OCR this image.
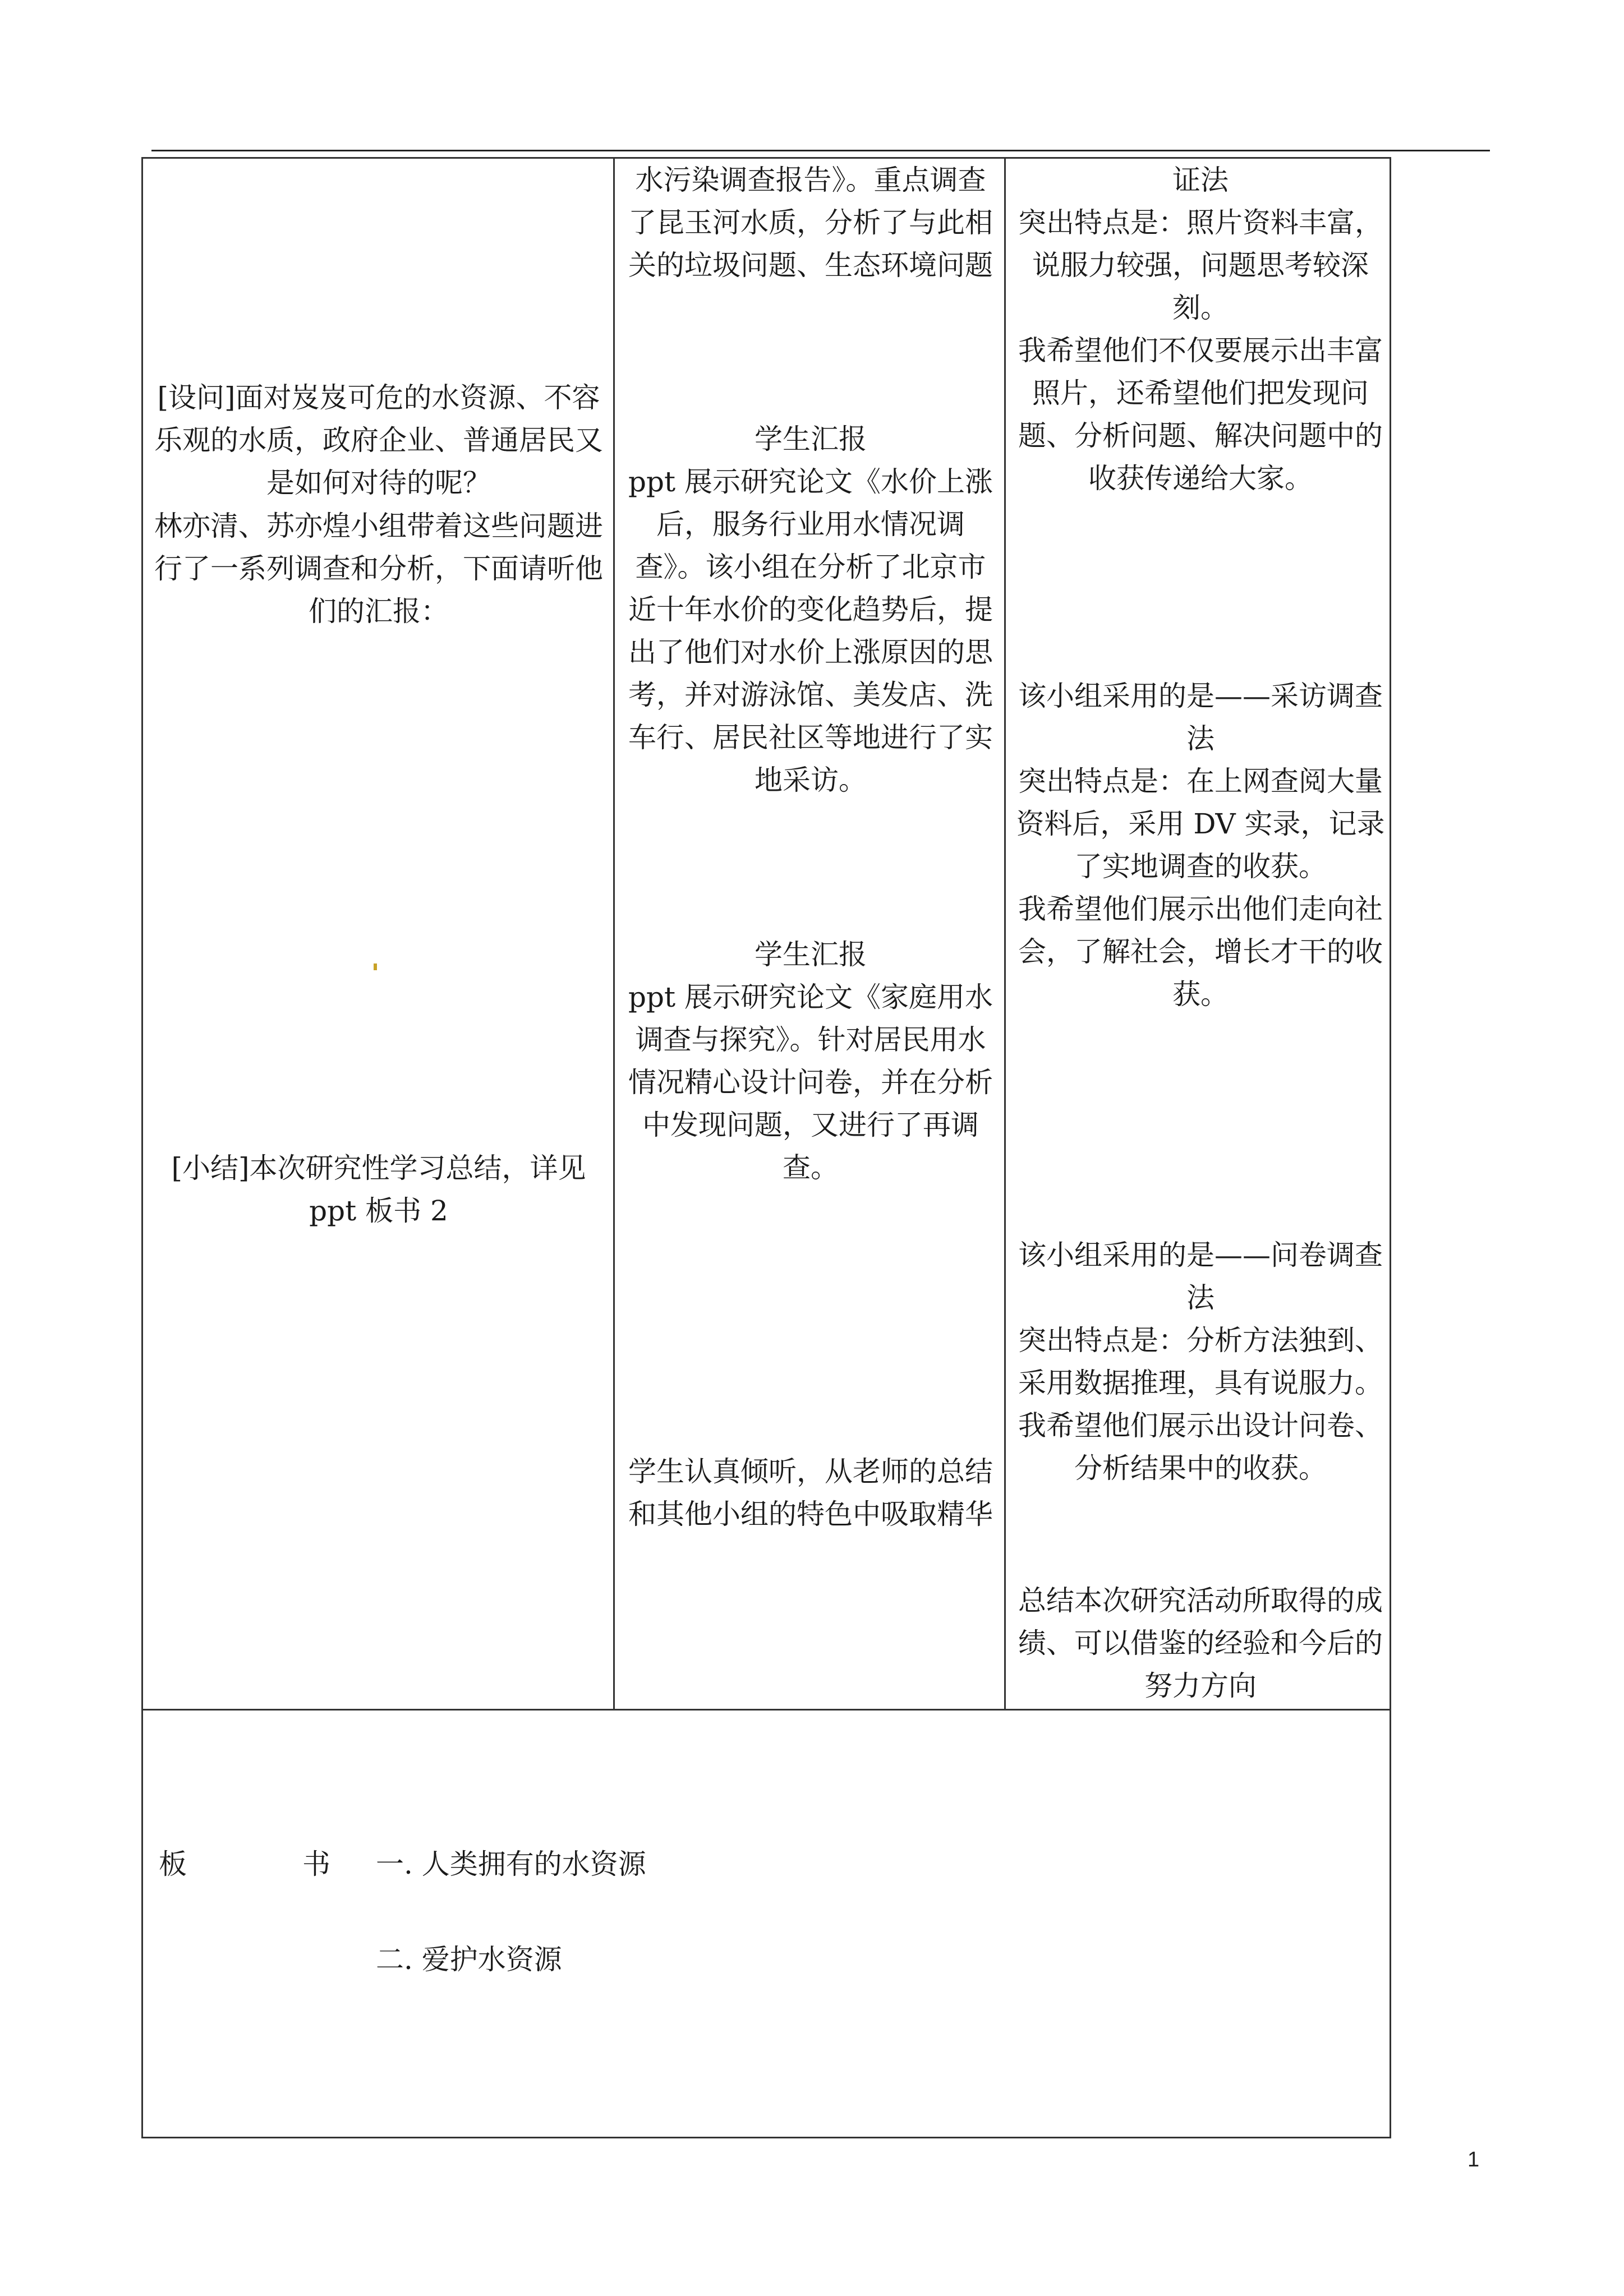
[设问]面对岌岌可危的水资源、不容乐观的水质，政府企业、普通居民又是如何对待的呢？

林亦清、苏亦煌小组带着这些问题进行了一系列调查和分析，下面请听他们的汇报：

[小结]本次研究性学习总结，详见

ppt 板书 2

水污染调查报告》。重点调查了昆玉河水质，分析了与此相关的垃圾问题、生态环境问题

学生汇报

ppt 展示研究论文《水价上涨后，服务行业用水情况调查》。该小组在分析了北京市近十年水价的变化趋势后，提出了他们对水价上涨原因的思考，并对游泳馆、美发店、洗车行、居民社区等地进行了实地采访。

学生汇报

ppt 展示研究论文《家庭用水调查与探究》。针对居民用水情况精心设计问卷，并在分析中发现问题，又进行了再调查。

学生认真倾听，从老师的总结和其他小组的特色中吸取精华

证法
突出特点是：照片资料丰富，说服力较强，问题思考较深刻。
我希望他们不仅要展示出丰富照片，还希望他们把发现问题、分析问题、解决问题中的收获传递给大家。

该小组采用的是——采访调查法
突出特点是：在上网查阅大量资料后，采用 DV 实录，记录了实地调查的收获。
我希望他们展示出他们走向社会，了解社会，增长才干的收获。

该小组采用的是——问卷调查法
突出特点是：分析方法独到、采用数据推理，具有说服力。
我希望他们展示出设计问卷、分析结果中的收获。

总结本次研究活动所取得的成绩、可以借鉴的经验和今后的努力方向

板	书 一. 人类拥有的水资源
二. 爱护水资源
1
